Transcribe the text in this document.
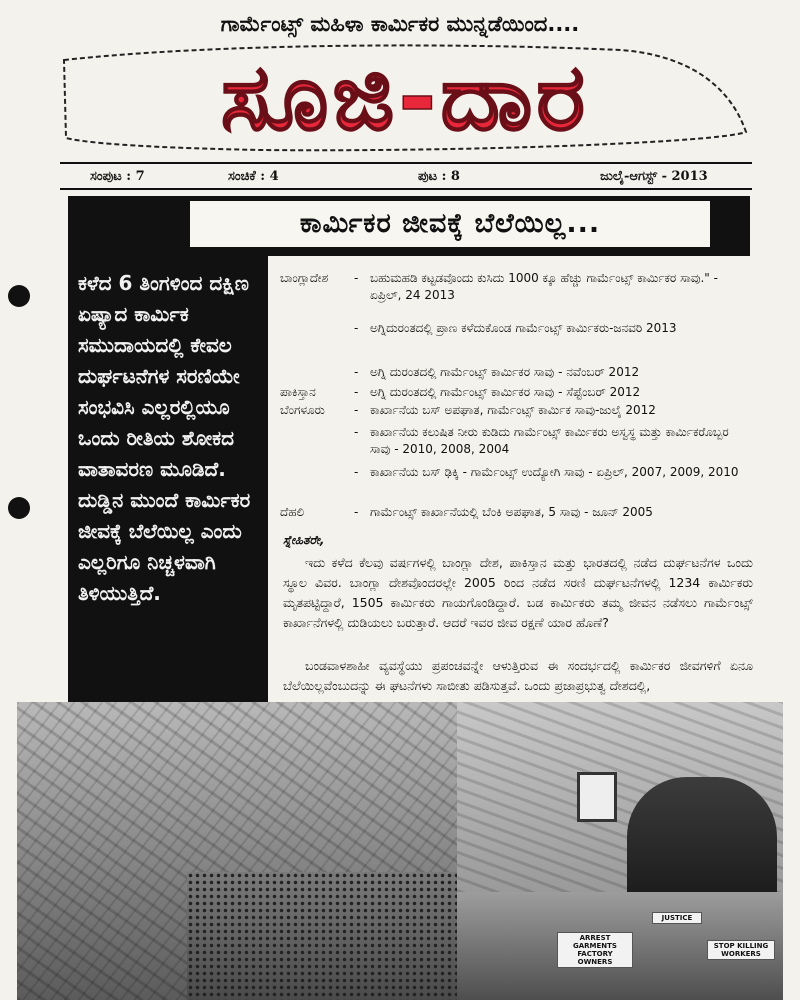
ಗಾರ್ಮೆಂಟ್ಸ್ ಮಹಿಳಾ ಕಾರ್ಮಿಕರ ಮುನ್ನಡೆಯಿಂದ....
ಸೂಜಿ-ದಾರ
ಸಂಪುಟ : 7	ಸಂಚಿಕೆ : 4	ಪುಟ : 8	ಜುಲೈ-ಆಗಸ್ಟ್ - 2013
ಕಾರ್ಮಿಕರ ಜೀವಕ್ಕೆ ಬೆಲೆಯಿಲ್ಲ...
ಕಳೆದ 6 ತಿಂಗಳಿಂದ ದಕ್ಷಿಣ ಏಷ್ಯಾದ ಕಾರ್ಮಿಕ ಸಮುದಾಯದಲ್ಲಿ ಕೇವಲ ದುರ್ಘಟನೆಗಳ ಸರಣಿಯೇ ಸಂಭವಿಸಿ ಎಲ್ಲರಲ್ಲಿಯೂ ಒಂದು ರೀತಿಯ ಶೋಕದ ವಾತಾವರಣ ಮೂಡಿದೆ. ದುಡ್ಡಿನ ಮುಂದೆ ಕಾರ್ಮಿಕರ ಜೀವಕ್ಕೆ ಬೆಲೆಯಿಲ್ಲ ಎಂದು ಎಲ್ಲರಿಗೂ ನಿಚ್ಚಳವಾಗಿ ತಿಳಿಯುತ್ತಿದೆ.
ಬಾಂಗ್ಲಾದೇಶ	- ಬಹುಮಹಡಿ ಕಟ್ಟಡವೊಂದು ಕುಸಿದು 1000 ಕ್ಕೂ ಹೆಚ್ಚು ಗಾರ್ಮೆಂಟ್ಸ್ ಕಾರ್ಮಿಕರ ಸಾವು." - ಏಪ್ರಿಲ್, 24 2013
- ಅಗ್ನಿದುರಂತದಲ್ಲಿ ಪ್ರಾಣ ಕಳೆದುಕೊಂಡ ಗಾರ್ಮೆಂಟ್ಸ್ ಕಾರ್ಮಿಕರು-ಜನವರಿ 2013
- ಅಗ್ನಿ ದುರಂತದಲ್ಲಿ ಗಾರ್ಮೆಂಟ್ಸ್ ಕಾರ್ಮಿಕರ ಸಾವು - ನವೆಂಬರ್ 2012
ಪಾಕಿಸ್ತಾನ	- ಅಗ್ನಿ ದುರಂತದಲ್ಲಿ ಗಾರ್ಮೆಂಟ್ಸ್ ಕಾರ್ಮಿಕರ ಸಾವು - ಸೆಪ್ಟೆಂಬರ್ 2012
ಬೆಂಗಳೂರು	- ಕಾರ್ಖಾನೆಯ ಬಸ್ ಅಪಘಾತ, ಗಾರ್ಮೆಂಟ್ಸ್ ಕಾರ್ಮಿಕ ಸಾವು-ಜುಲೈ 2012
- ಕಾರ್ಖಾನೆಯ ಕಲುಷಿತ ನೀರು ಕುಡಿದು ಗಾರ್ಮೆಂಟ್ಸ್ ಕಾರ್ಮಿಕರು ಅಸ್ವಸ್ಥ ಮತ್ತು ಕಾರ್ಮಿಕರೊಬ್ಬರ ಸಾವು - 2010, 2008, 2004
- ಕಾರ್ಖಾನೆಯ ಬಸ್ ಢಿಕ್ಕಿ - ಗಾರ್ಮೆಂಟ್ಸ್ ಉದ್ಯೋಗಿ ಸಾವು - ಏಪ್ರಿಲ್, 2007, 2009, 2010
ದೆಹಲಿ	- ಗಾರ್ಮೆಂಟ್ಸ್ ಕಾರ್ಖಾನೆಯಲ್ಲಿ ಬೆಂಕಿ ಅಪಘಾತ, 5 ಸಾವು - ಜೂನ್ 2005
ಸ್ನೇಹಿತರೇ,
ಇದು ಕಳೆದ ಕೆಲವು ವರ್ಷಗಳಲ್ಲಿ ಬಾಂಗ್ಲಾ ದೇಶ, ಪಾಕಿಸ್ತಾನ ಮತ್ತು ಭಾರತದಲ್ಲಿ ನಡೆದ ದುರ್ಘಟನೆಗಳ ಒಂದು ಸ್ಥೂಲ ವಿವರ. ಬಾಂಗ್ಲಾ ದೇಶವೊಂದರಲ್ಲೇ 2005 ರಿಂದ ನಡೆದ ಸರಣಿ ದುರ್ಘಟನೆಗಳಲ್ಲಿ 1234 ಕಾರ್ಮಿಕರು ಮೃತಪಟ್ಟಿದ್ದಾರೆ, 1505 ಕಾರ್ಮಿಕರು ಗಾಯಗೊಂಡಿದ್ದಾರೆ. ಬಡ ಕಾರ್ಮಿಕರು ತಮ್ಮ ಜೀವನ ನಡೆಸಲು ಗಾರ್ಮೆಂಟ್ಸ್ ಕಾರ್ಖಾನೆಗಳಲ್ಲಿ ದುಡಿಯಲು ಬರುತ್ತಾರೆ. ಆದರೆ ಇವರ ಜೀವ ರಕ್ಷಣೆ ಯಾರ ಹೊಣೆ?
ಬಂಡವಾಳಶಾಹೀ ವ್ಯವಸ್ಥೆಯು ಪ್ರಪಂಚವನ್ನೇ ಆಳುತ್ತಿರುವ ಈ ಸಂದರ್ಭದಲ್ಲಿ ಕಾರ್ಮಿಕರ ಜೀವಗಳಿಗೆ ಏನೂ ಬೆಲೆಯಿಲ್ಲವೆಂಬುದನ್ನು ಈ ಘಟನೆಗಳು ಸಾಬೀತು ಪಡಿಸುತ್ತವೆ. ಒಂದು ಪ್ರಜಾಪ್ರಭುತ್ವ ದೇಶದಲ್ಲಿ,
ARREST GARMENTS FACTORY OWNERS
JUSTICE
STOP KILLING WORKERS
